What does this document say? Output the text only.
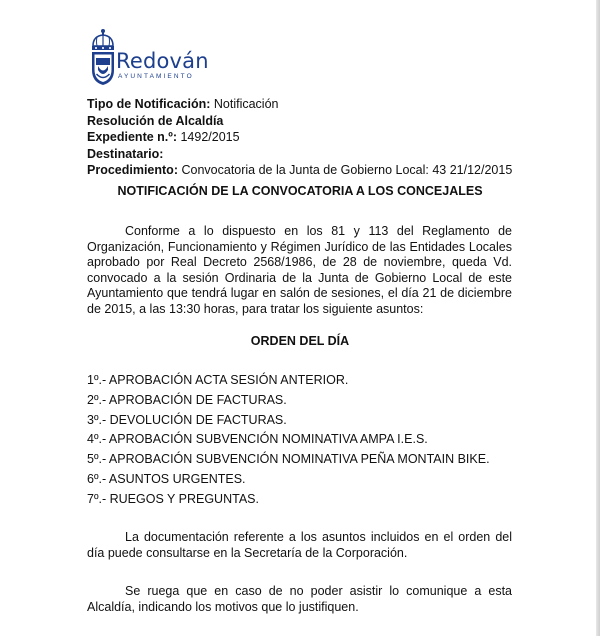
Redován
AYUNTAMIENTO
Tipo de Notificación: Notificación
Resolución de Alcaldía
Expediente n.º: 1492/2015
Destinatario:
Procedimiento: Convocatoria de la Junta de Gobierno Local: 43 21/12/2015
NOTIFICACIÓN DE LA CONVOCATORIA A LOS CONCEJALES

Conforme a lo dispuesto en los 81 y 113 del Reglamento de Organización, Funcionamiento y Régimen Jurídico de las Entidades Locales aprobado por Real Decreto 2568/1986, de 28 de noviembre, queda Vd. convocado a la sesión Ordinaria de la Junta de Gobierno Local de este Ayuntamiento que tendrá lugar en salón de sesiones, el día 21 de diciembre de 2015, a las 13:30 horas, para tratar los siguiente asuntos:

ORDEN DEL DÍA
1º.- APROBACIÓN ACTA SESIÓN ANTERIOR.
2º.- APROBACIÓN DE FACTURAS.
3º.- DEVOLUCIÓN DE FACTURAS.
4º.- APROBACIÓN SUBVENCIÓN NOMINATIVA AMPA I.E.S.
5º.- APROBACIÓN SUBVENCIÓN NOMINATIVA PEÑA MONTAIN BIKE.
6º.- ASUNTOS URGENTES.
7º.- RUEGOS Y PREGUNTAS.

La documentación referente a los asuntos incluidos en el orden del día puede consultarse en la Secretaría de la Corporación.

Se ruega que en caso de no poder asistir lo comunique a esta Alcaldía, indicando los motivos que lo justifiquen.
